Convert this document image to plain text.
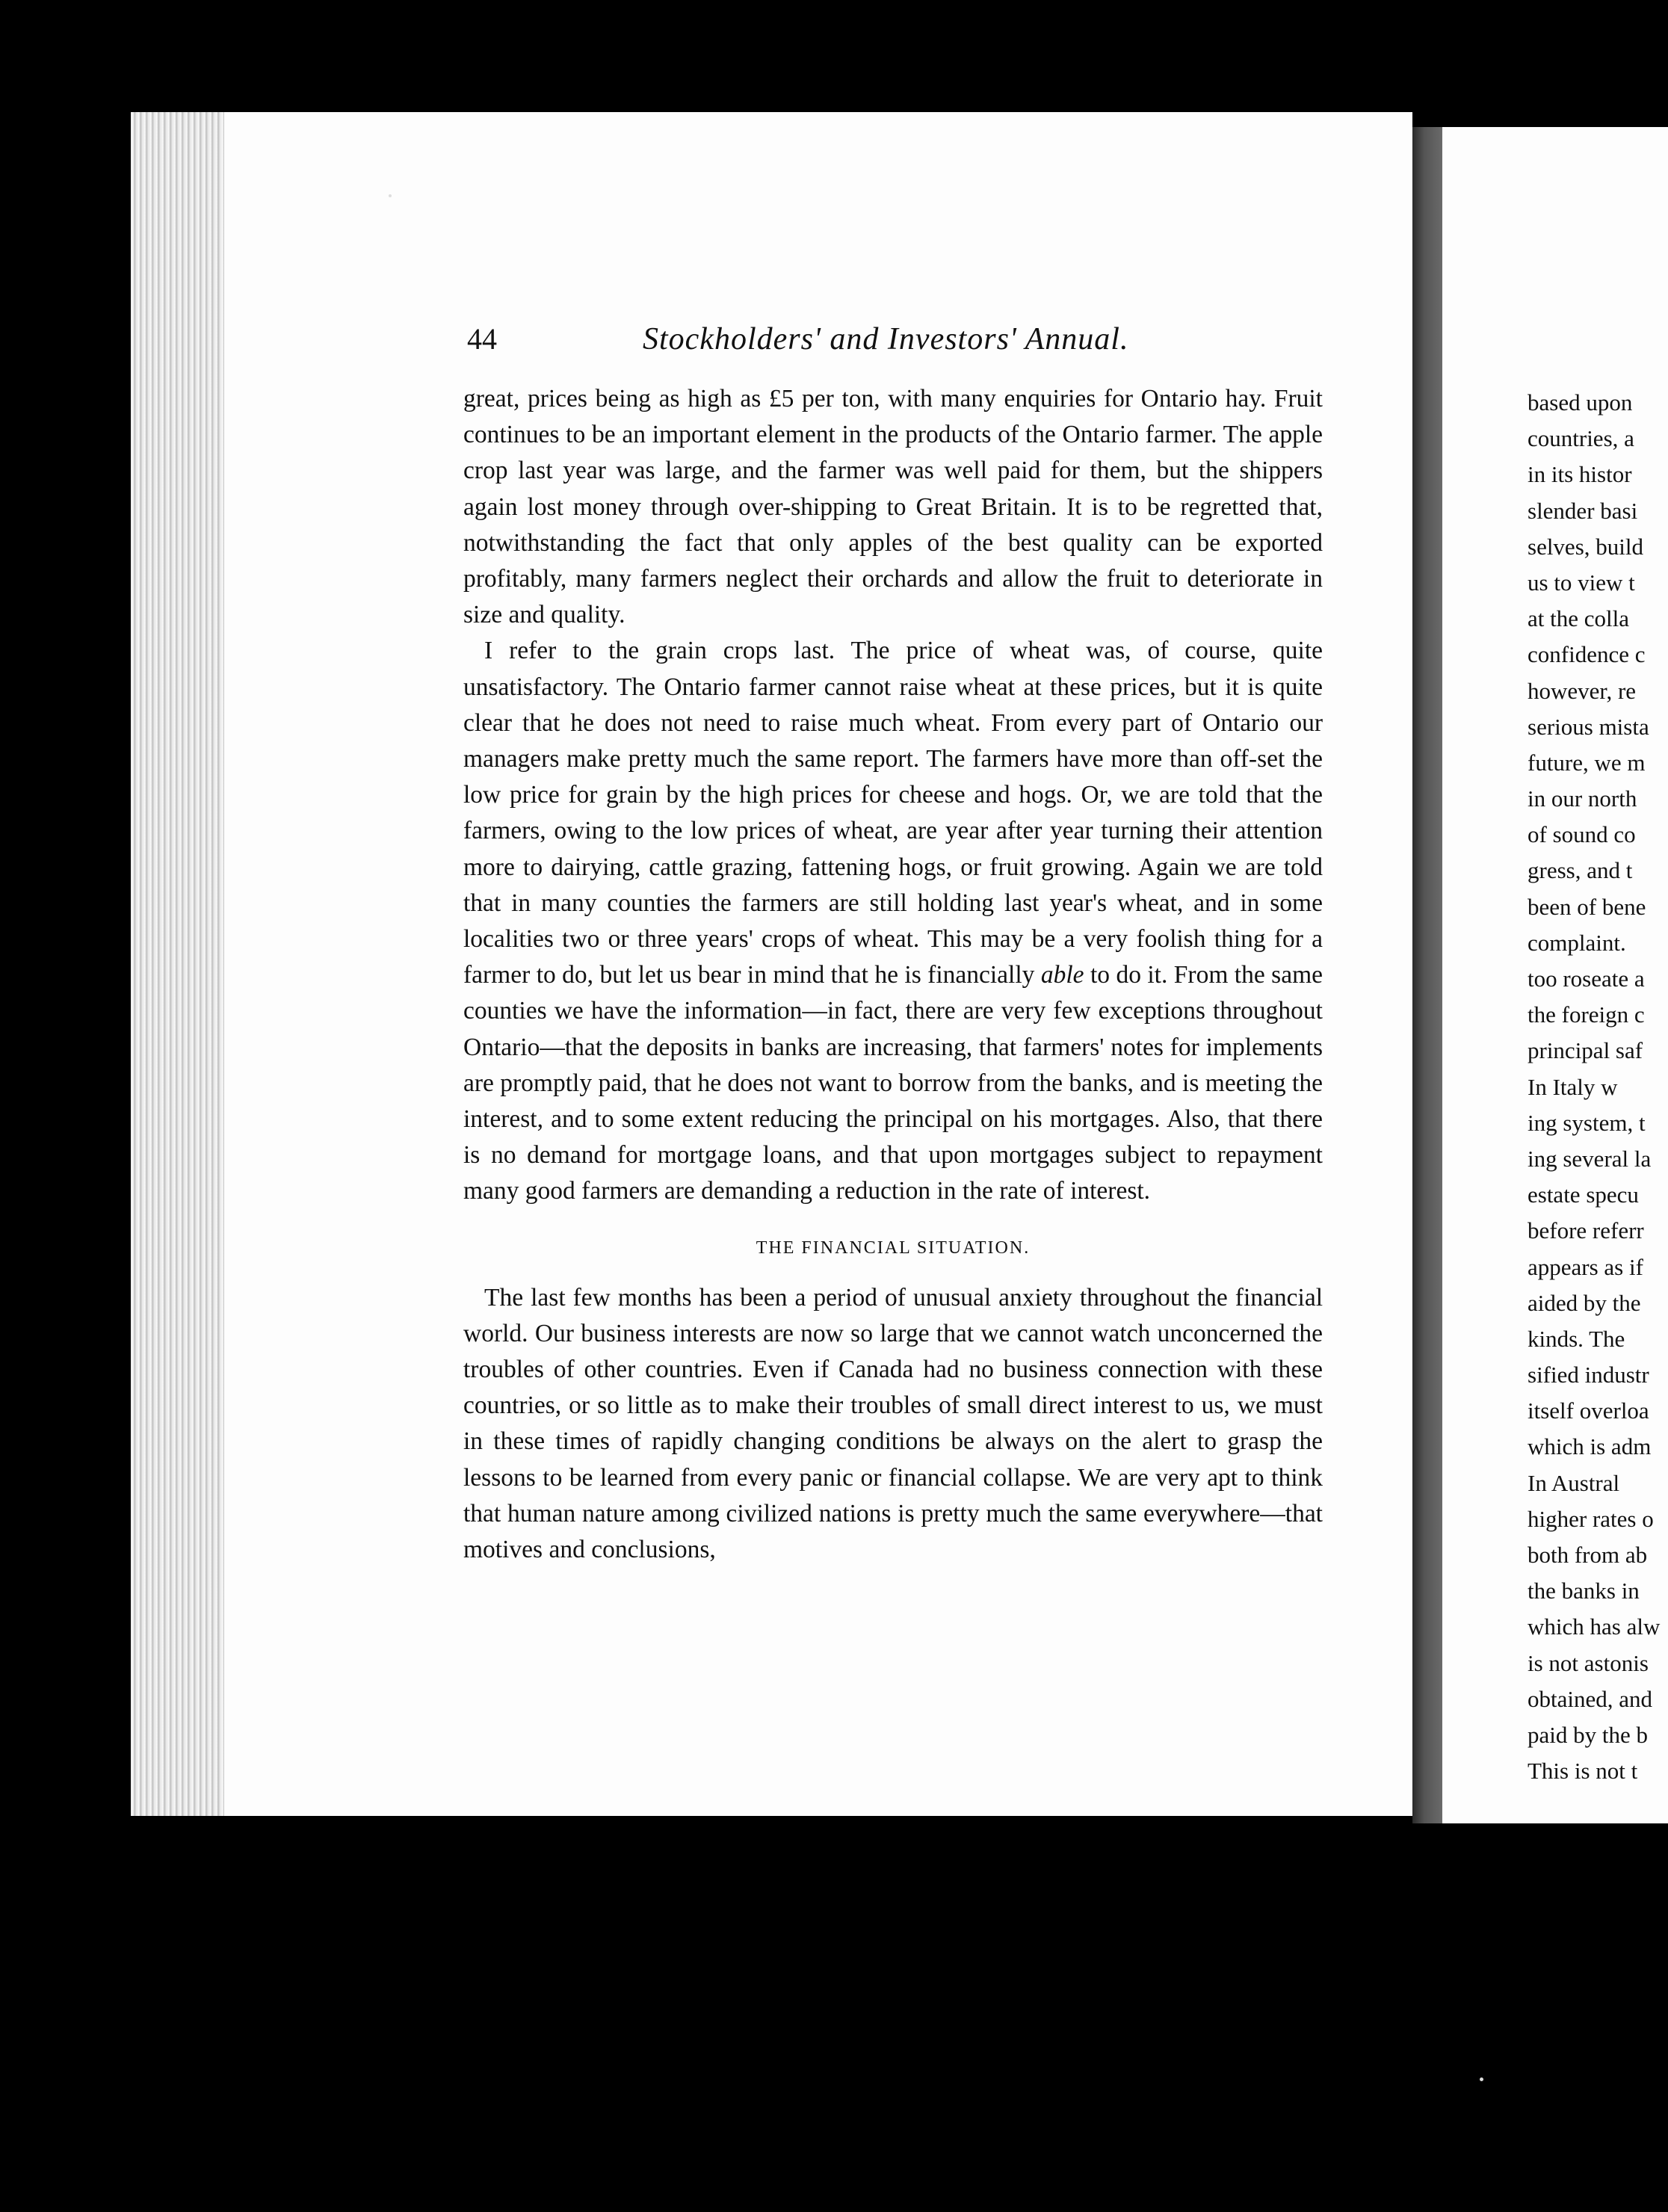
44	Stockholders' and Investors' Annual.

great, prices being as high as £5 per ton, with many enquiries for Ontario hay. Fruit continues to be an important element in the products of the Ontario farmer. The apple crop last year was large, and the farmer was well paid for them, but the shippers again lost money through over-shipping to Great Britain. It is to be regretted that, notwithstanding the fact that only apples of the best quality can be exported profitably, many farmers neglect their orchards and allow the fruit to deteriorate in size and quality.

I refer to the grain crops last. The price of wheat was, of course, quite unsatisfactory. The Ontario farmer cannot raise wheat at these prices, but it is quite clear that he does not need to raise much wheat. From every part of Ontario our managers make pretty much the same report. The farmers have more than off-set the low price for grain by the high prices for cheese and hogs. Or, we are told that the farmers, owing to the low prices of wheat, are year after year turning their attention more to dairying, cattle grazing, fattening hogs, or fruit growing. Again we are told that in many counties the farmers are still holding last year's wheat, and in some localities two or three years' crops of wheat. This may be a very foolish thing for a farmer to do, but let us bear in mind that he is financially able to do it. From the same counties we have the information—in fact, there are very few exceptions throughout Ontario—that the deposits in banks are increasing, that farmers' notes for implements are promptly paid, that he does not want to borrow from the banks, and is meeting the interest, and to some extent reducing the principal on his mortgages. Also, that there is no demand for mortgage loans, and that upon mortgages subject to repayment many good farmers are demanding a reduction in the rate of interest.

THE FINANCIAL SITUATION.

The last few months has been a period of unusual anxiety throughout the financial world. Our business interests are now so large that we cannot watch unconcerned the troubles of other countries. Even if Canada had no business connection with these countries, or so little as to make their troubles of small direct interest to us, we must in these times of rapidly changing conditions be always on the alert to grasp the lessons to be learned from every panic or financial collapse. We are very apt to think that human nature among civilized nations is pretty much the same everywhere—that motives and conclusions,

based upon
countries, a
in its histor
slender basi
selves, build
us to view t
at the colla
confidence c
however, re
serious mista
future, we m
in our north
of sound co
gress, and t
been of bene
complaint.
too roseate a
the foreign c
principal saf
In Italy w
ing system, t
ing several la
estate specu
before referr
appears as if
aided by the
kinds. The
sified industr
itself overloa
which is adm
In Austral
higher rates o
both from ab
the banks in
which has alw
is not astonis
obtained, and
paid by the b
This is not t
